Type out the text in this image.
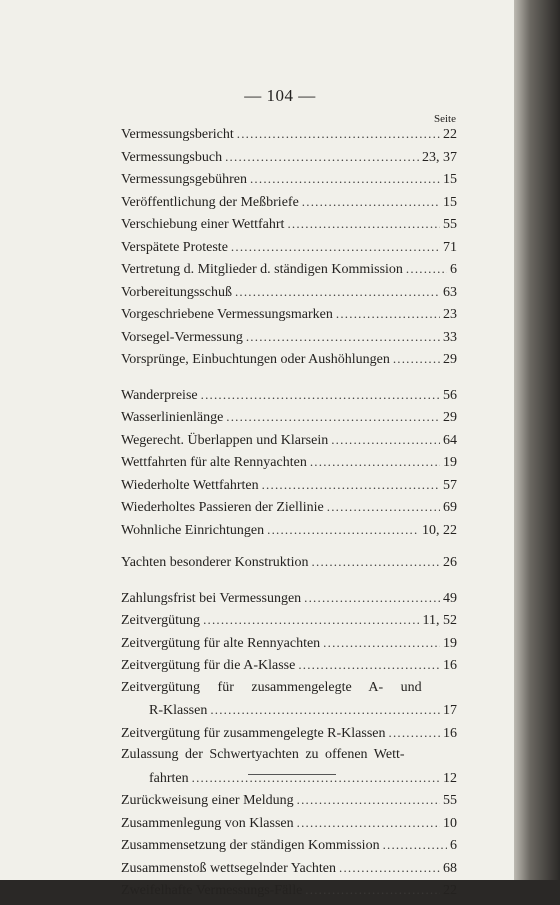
— 104 —
Seite
Vermessungsbericht .....	22
Vermessungsbuch .....	23, 37
Vermessungsgebühren .....	15
Veröffentlichung der Meßbriefe .....	15
Verschiebung einer Wettfahrt .....	55
Verspätete Proteste .....	71
Vertretung d. Mitglieder d. ständigen Kommission .....	6
Vorbereitungsschuß .....	63
Vorgeschriebene Vermessungsmarken .....	23
Vorsegel-Vermessung .....	33
Vorsprünge, Einbuchtungen oder Aushöhlungen .....	29
Wanderpreise .....	56
Wasserlinienlänge .....	29
Wegerecht. Überlappen und Klarsein .....	64
Wettfahrten für alte Rennyachten .....	19
Wiederholte Wettfahrten .....	57
Wiederholtes Passieren der Ziellinie .....	69
Wohnliche Einrichtungen .....	10, 22
Yachten besonderer Konstruktion .....	26
Zahlungsfrist bei Vermessungen .....	49
Zeitvergütung .....	11, 52
Zeitvergütung für alte Rennyachten .....	19
Zeitvergütung für die A-Klasse .....	16
Zeitvergütung für zusammengelegte A- und
R-Klassen .....	17
Zeitvergütung für zusammengelegte R-Klassen .....	16
Zulassung der Schwertyachten zu offenen Wett-
fahrten .....	12
Zurückweisung einer Meldung .....	55
Zusammenlegung von Klassen .....	10
Zusammensetzung der ständigen Kommission .....	6
Zusammenstoß wettsegelnder Yachten .....	68
Zweifelhafte Vermessungs-Fälle .....	22
